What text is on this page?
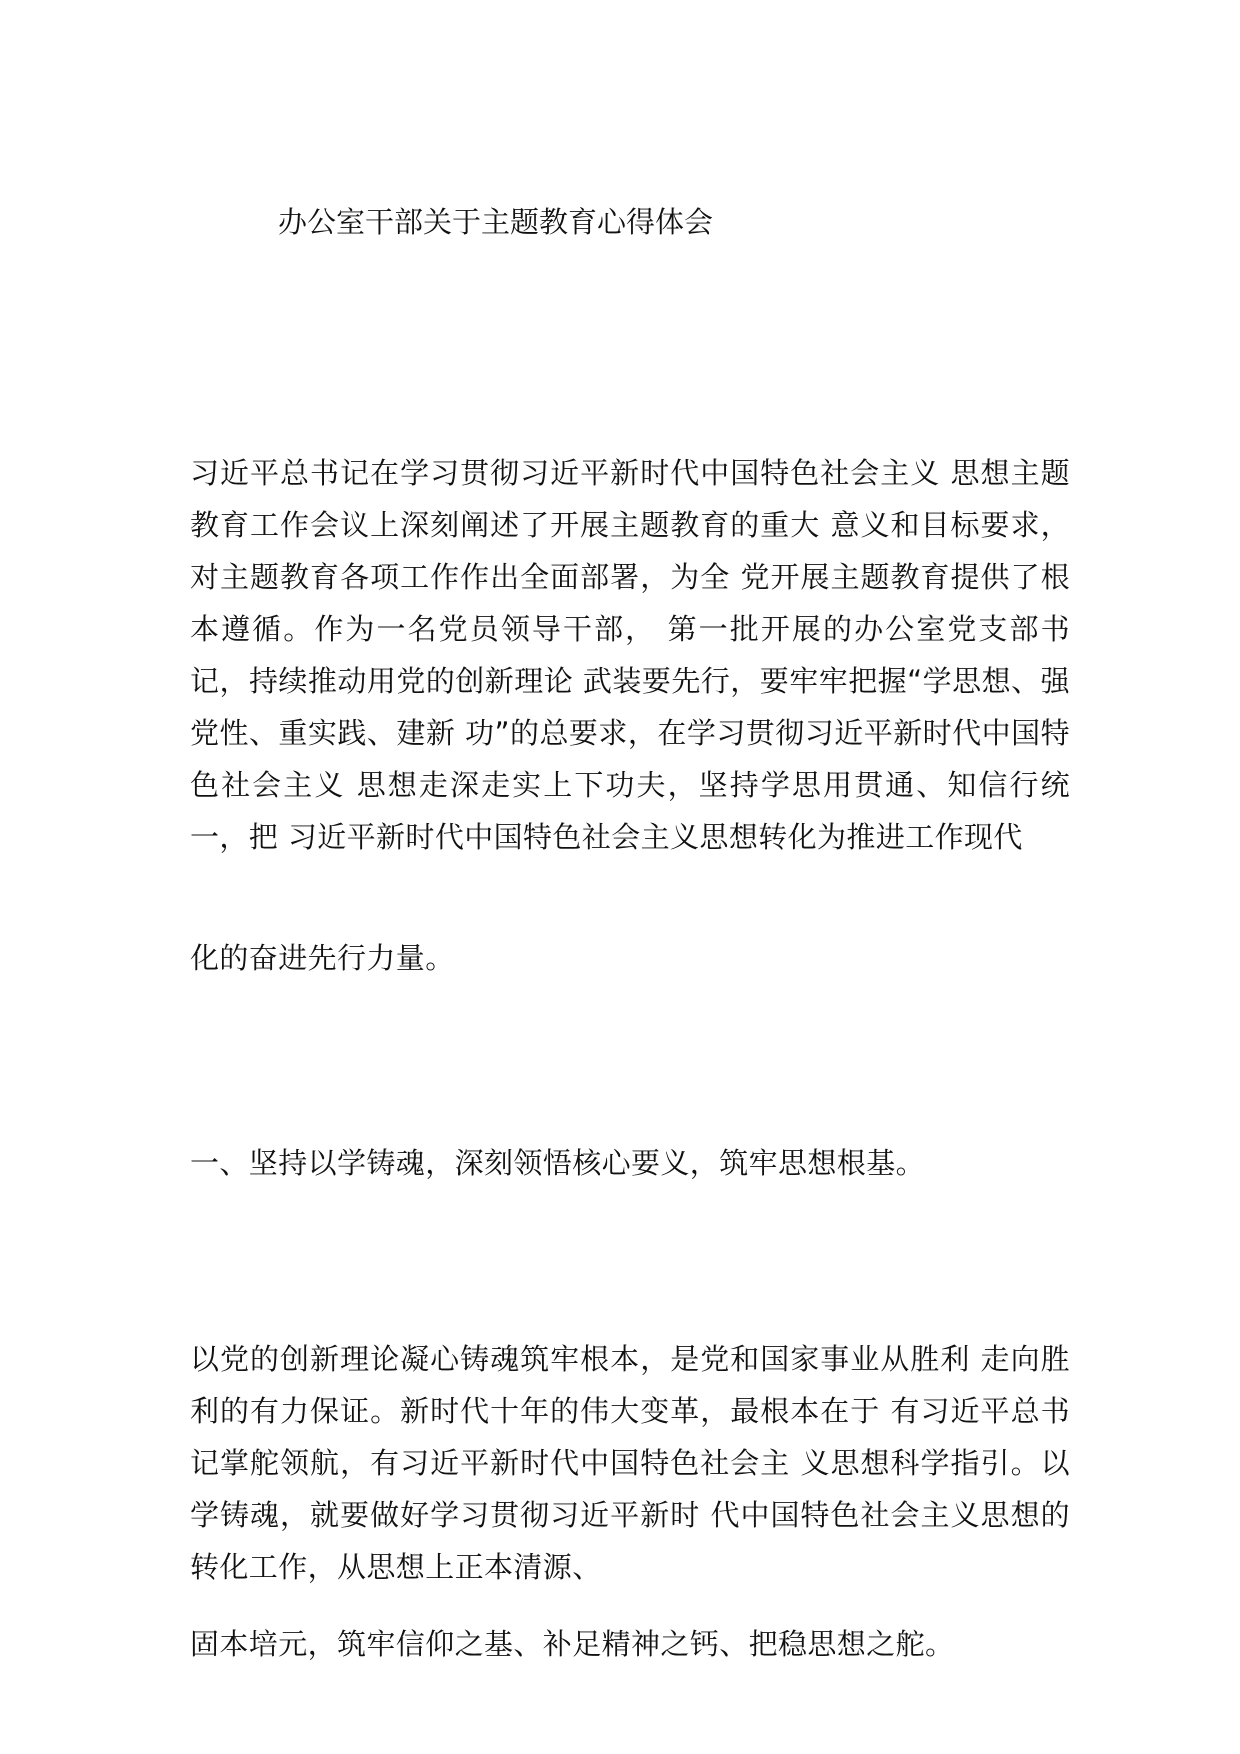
办公室干部关于主题教育心得体会

习近平总书记在学习贯彻习近平新时代中国特色社会主义 思想主题教育工作会议上深刻阐述了开展主题教育的重大 意义和目标要求，对主题教育各项工作作出全面部署，为全 党开展主题教育提供了根本遵循。作为一名党员领导干部， 第一批开展的办公室党支部书记，持续推动用党的创新理论 武装要先行，要牢牢把握“学思想、强党性、重实践、建新 功”的总要求，在学习贯彻习近平新时代中国特色社会主义 思想走深走实上下功夫，坚持学思用贯通、知信行统一，把 习近平新时代中国特色社会主义思想转化为推进工作现代

化的奋进先行力量。

一、坚持以学铸魂，深刻领悟核心要义，筑牢思想根基。

以党的创新理论凝心铸魂筑牢根本，是党和国家事业从胜利 走向胜利的有力保证。新时代十年的伟大变革，最根本在于 有习近平总书记掌舵领航，有习近平新时代中国特色社会主 义思想科学指引。以学铸魂，就要做好学习贯彻习近平新时 代中国特色社会主义思想的转化工作，从思想上正本清源、

固本培元，筑牢信仰之基、补足精神之钙、把稳思想之舵。
